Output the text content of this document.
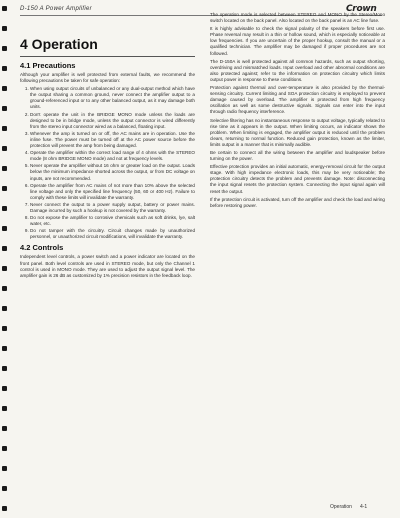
D-150 A Power Amplifier	Crown
4 Operation
4.1 Precautions

Although your amplifier is well protected from external faults, we recommend the following precautions be taken for safe operation:

1. When using output circuits of unbalanced or any dual-output method which have the output sharing a common ground, never connect the amplifier output to a ground-referenced input or to any other balanced output, as it may damage both units.
2. Don't operate the unit in the BRIDGE MONO mode unless the loads are designed to be in bridge mode, unless the output connector is wired differently from the stereo input connector wired as a balanced, floating input.
3. Whenever the amp is turned on or off, the AC mains are in operation. Use the inline fuse. The power must be turned off at the AC power source before the protection will prevent the amp from being damaged.
4. Operate the amplifier within the correct load range of 4 ohms with the STEREO mode (8 ohm BRIDGE MONO mode) and not at frequency levels.
5. Never operate the amplifier without 16 ohm or greater load on the output. Loads below the minimum impedance shorted across the output, or from DC voltage on inputs, are not recommended.
6. Operate the amplifier from AC mains of not more than 10% above the selected line voltage and only the specified line frequency (50, 60 or 400 Hz). Failure to comply with these limits will invalidate the warranty.
7. Never connect the output to a power supply output, battery or power mains. Damage incurred by such a hookup is not covered by the warranty.
8. Do not expose the amplifier to corrosive chemicals such as soft drinks, lye, salt water, etc.
9. Do not tamper with the circuitry. Circuit changes made by unauthorized personnel, or unauthorized circuit modifications, will invalidate the warranty.
4.2 Controls

Independent level controls, a power switch and a power indicator are located on the front panel. Both level controls are used in STEREO mode, but only the Channel 1 control is used in MONO mode. They are used to adjust the output signal level. The amplifier gain is 26 dB as customized by 1% precision resistors in the feedback loop.

The operation mode is selected between STEREO and MONO by the Stereo/Mono switch located on the back panel. Also located on the back panel is an AC line fuse.

It is highly advisable to check the signal polarity of the speakers before first use. Phase reversal may result in a thin or hollow sound, which is especially noticeable at low frequencies. If you are uncertain of the proper hookup, consult the manual or a qualified technician. The amplifier may be damaged if proper procedures are not followed.

The D-150A is well protected against all common hazards, such as output shorting, overdriving and mismatched loads. Input overload and other abnormal conditions are also protected against; refer to the information on protection circuitry which limits output power in response to these conditions.

Protection against thermal and over-temperature is also provided by the thermal-sensing circuitry. Current limiting and SOA protection circuitry is employed to prevent damage caused by overload. The amplifier is protected from high frequency oscillation as well as some destructive signals. Signals can enter into the input through radio frequency interference.

Selective filtering has no instantaneous response to output voltage, typically related to rise time as it appears in the output. When limiting occurs, an indicator shows the problem. When limiting is engaged, the amplifier output is reduced until the problem clears, returning to normal function. Reduced gain protection, known as the limiter, limits output in a manner that is minimally audible.

Be certain to connect all the wiring between the amplifier and loudspeaker before turning on the power.

Effective protection provides an initial automatic, energy-removal circuit for the output stage. With high impedance electronic loads, this may be very noticeable; the protection circuitry detects the problem and prevents damage. Note: disconnecting the input signal resets the protection system. Connecting the input signal again will reset the output.

If the protection circuit is activated, turn off the amplifier and check the load and wiring before restoring power.

Operation 4-1
